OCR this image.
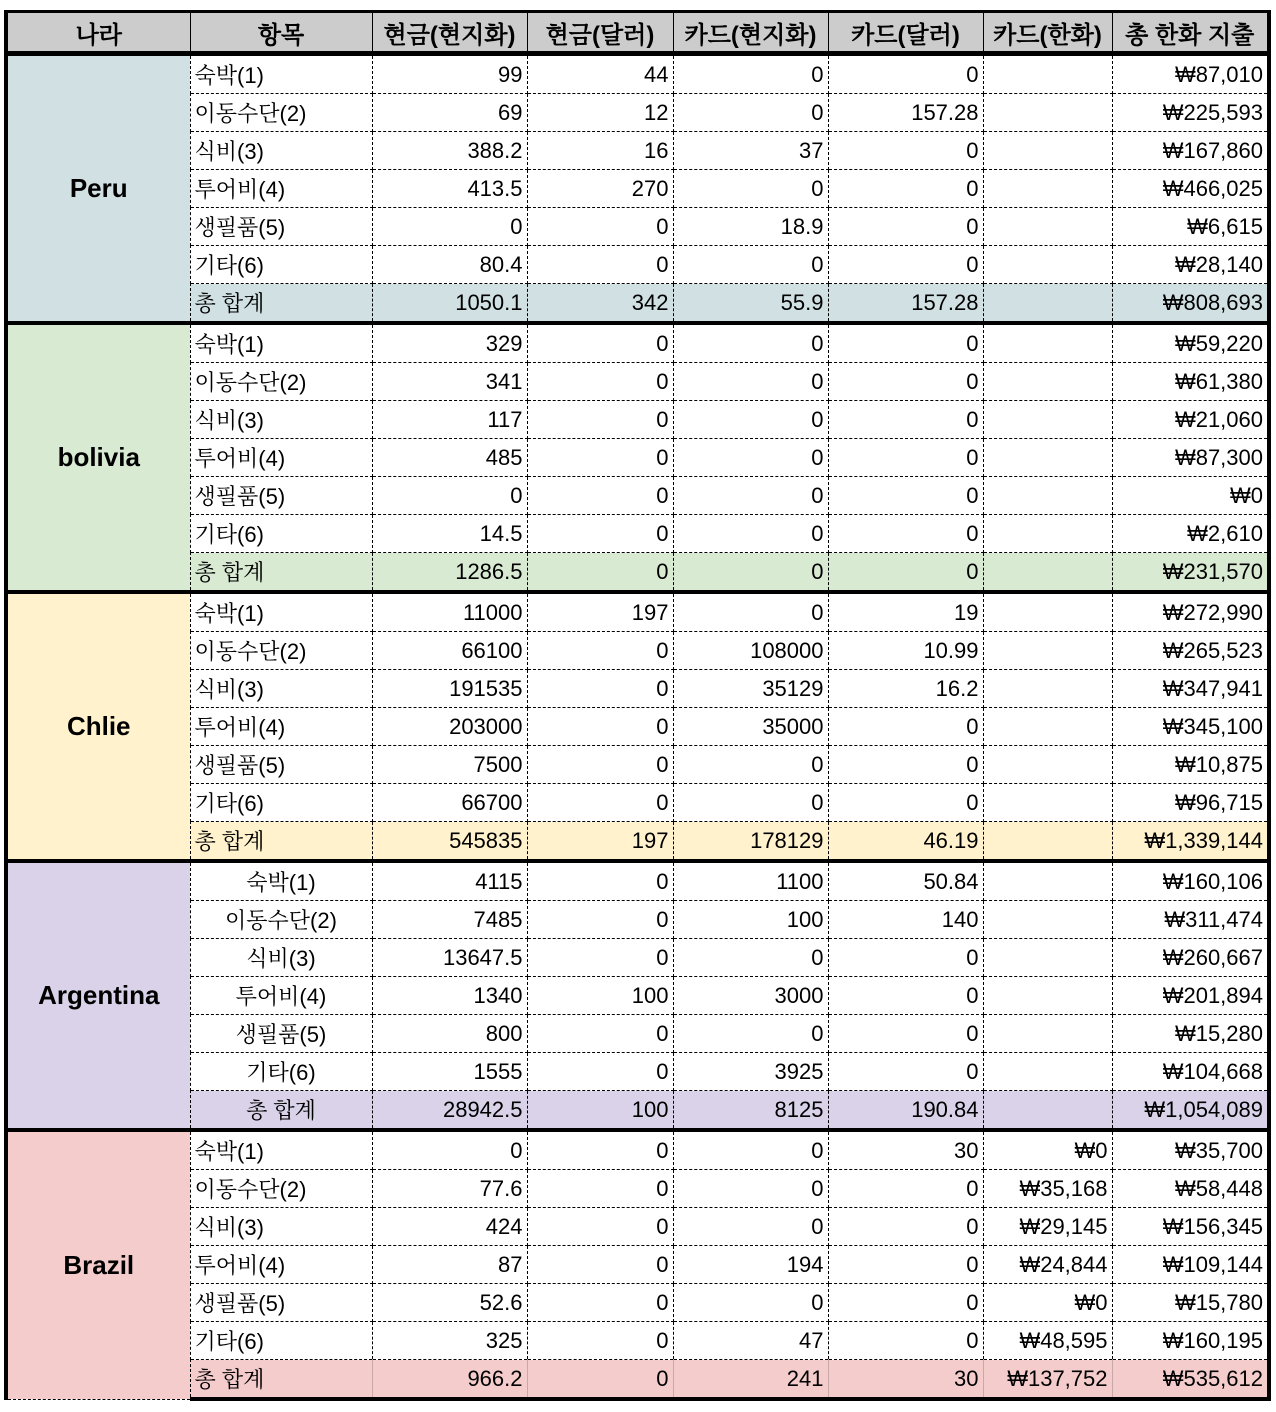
나라	항목	현금(현지화)	현금(달러)	카드(현지화)	카드(달러)	카드(한화)	총 한화 지출
Peru	숙박(1)	99	44	0	0		₩87,010
	이동수단(2)	69	12	0	157.28		₩225,593
	식비(3)	388.2	16	37	0		₩167,860
	투어비(4)	413.5	270	0	0		₩466,025
	생필품(5)	0	0	18.9	0		₩6,615
	기타(6)	80.4	0	0	0		₩28,140
	총 합계	1050.1	342	55.9	157.28		₩808,693
bolivia	숙박(1)	329	0	0	0		₩59,220
	이동수단(2)	341	0	0	0		₩61,380
	식비(3)	117	0	0	0		₩21,060
	투어비(4)	485	0	0	0		₩87,300
	생필품(5)	0	0	0	0		₩0
	기타(6)	14.5	0	0	0		₩2,610
	총 합계	1286.5	0	0	0		₩231,570
Chlie	숙박(1)	11000	197	0	19		₩272,990
	이동수단(2)	66100	0	108000	10.99		₩265,523
	식비(3)	191535	0	35129	16.2		₩347,941
	투어비(4)	203000	0	35000	0		₩345,100
	생필품(5)	7500	0	0	0		₩10,875
	기타(6)	66700	0	0	0		₩96,715
	총 합계	545835	197	178129	46.19		₩1,339,144
Argentina	숙박(1)	4115	0	1100	50.84		₩160,106
	이동수단(2)	7485	0	100	140		₩311,474
	식비(3)	13647.5	0	0	0		₩260,667
	투어비(4)	1340	100	3000	0		₩201,894
	생필품(5)	800	0	0	0		₩15,280
	기타(6)	1555	0	3925	0		₩104,668
	총 합계	28942.5	100	8125	190.84		₩1,054,089
Brazil	숙박(1)	0	0	0	30	₩0	₩35,700
	이동수단(2)	77.6	0	0	0	₩35,168	₩58,448
	식비(3)	424	0	0	0	₩29,145	₩156,345
	투어비(4)	87	0	194	0	₩24,844	₩109,144
	생필품(5)	52.6	0	0	0	₩0	₩15,780
	기타(6)	325	0	47	0	₩48,595	₩160,195
	총 합계	966.2	0	241	30	₩137,752	₩535,612
